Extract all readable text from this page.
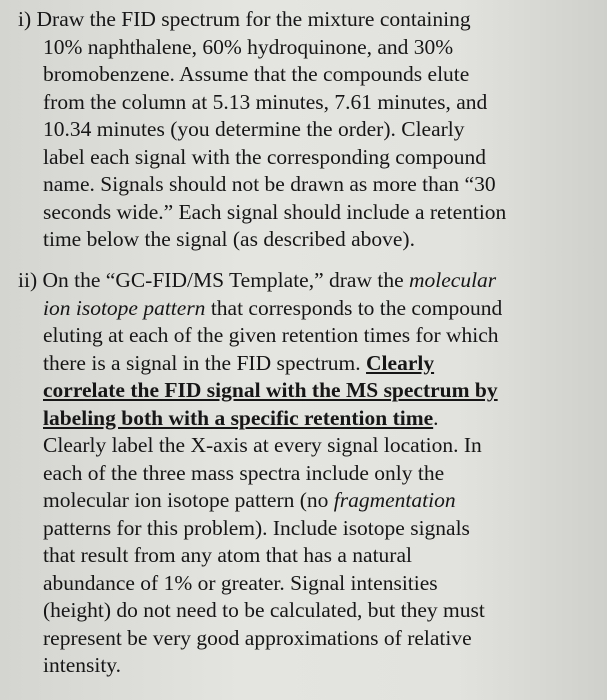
i) Draw the FID spectrum for the mixture containing
10% naphthalene, 60% hydroquinone, and 30%
bromobenzene. Assume that the compounds elute
from the column at 5.13 minutes, 7.61 minutes, and
10.34 minutes (you determine the order). Clearly
label each signal with the corresponding compound
name. Signals should not be drawn as more than “30
seconds wide.” Each signal should include a retention
time below the signal (as described above).
ii) On the “GC-FID/MS Template,” draw the molecular
ion isotope pattern that corresponds to the compound
eluting at each of the given retention times for which
there is a signal in the FID spectrum. Clearly
correlate the FID signal with the MS spectrum by
labeling both with a specific retention time.
Clearly label the X-axis at every signal location. In
each of the three mass spectra include only the
molecular ion isotope pattern (no fragmentation
patterns for this problem). Include isotope signals
that result from any atom that has a natural
abundance of 1% or greater. Signal intensities
(height) do not need to be calculated, but they must
represent be very good approximations of relative
intensity.
